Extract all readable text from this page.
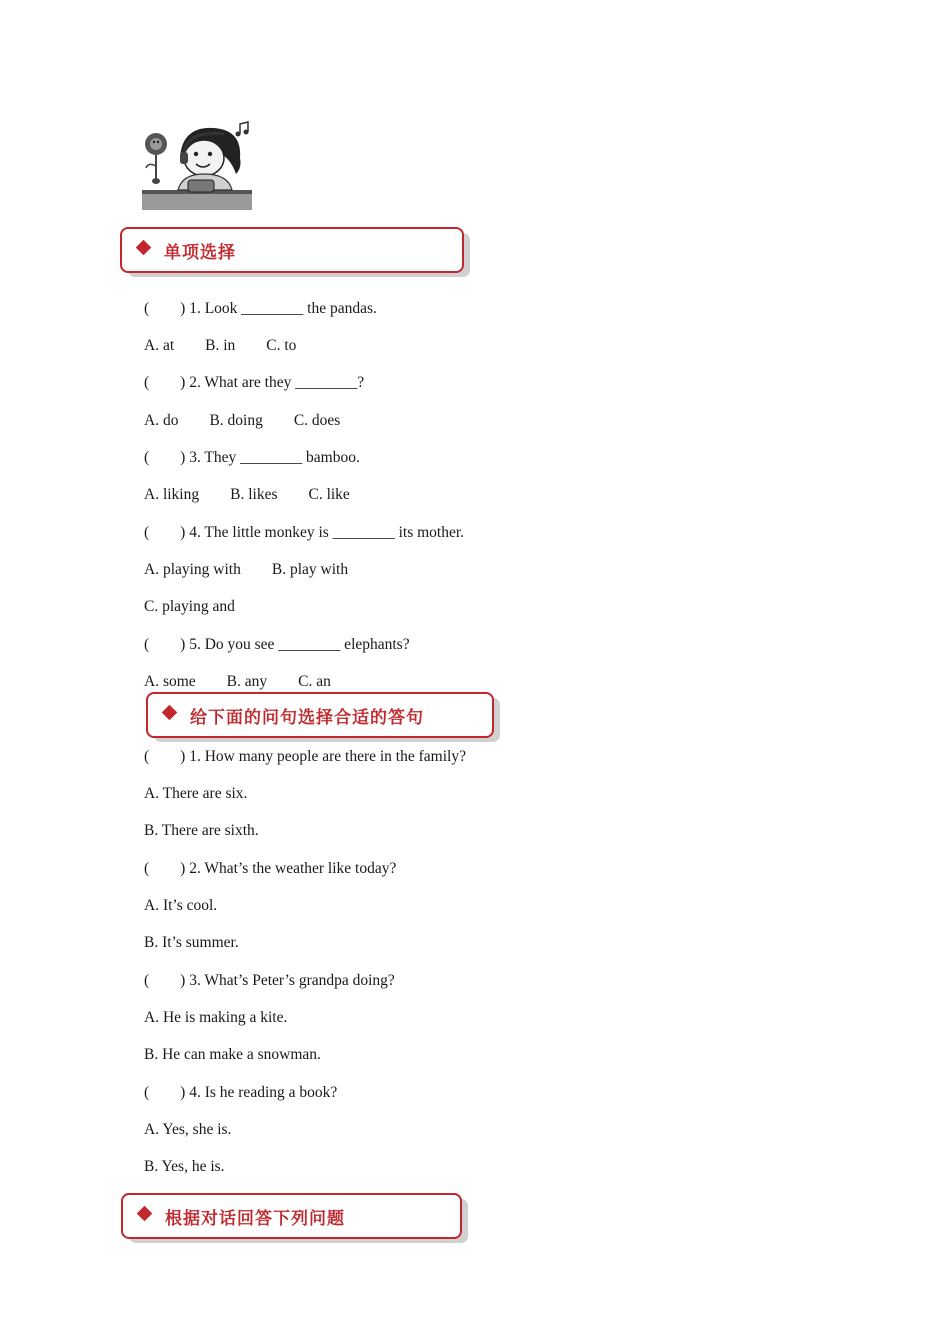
单项选择
(        ) 1. Look ________ the pandas.
A. at        B. in        C. to
(        ) 2. What are they ________?
A. do        B. doing        C. does
(        ) 3. They ________ bamboo.
A. liking        B. likes        C. like
(        ) 4. The little monkey is ________ its mother.
A. playing with        B. play with
C. playing and
(        ) 5. Do you see ________ elephants?
A. some        B. any        C. an
给下面的问句选择合适的答句
(        ) 1. How many people are there in the family?
A. There are six.
B. There are sixth.
(        ) 2. What’s the weather like today?
A. It’s cool.
B. It’s summer.
(        ) 3. What’s Peter’s grandpa doing?
A. He is making a kite.
B. He can make a snowman.
(        ) 4. Is he reading a book?
A. Yes, she is.
B. Yes, he is.
根据对话回答下列问题
